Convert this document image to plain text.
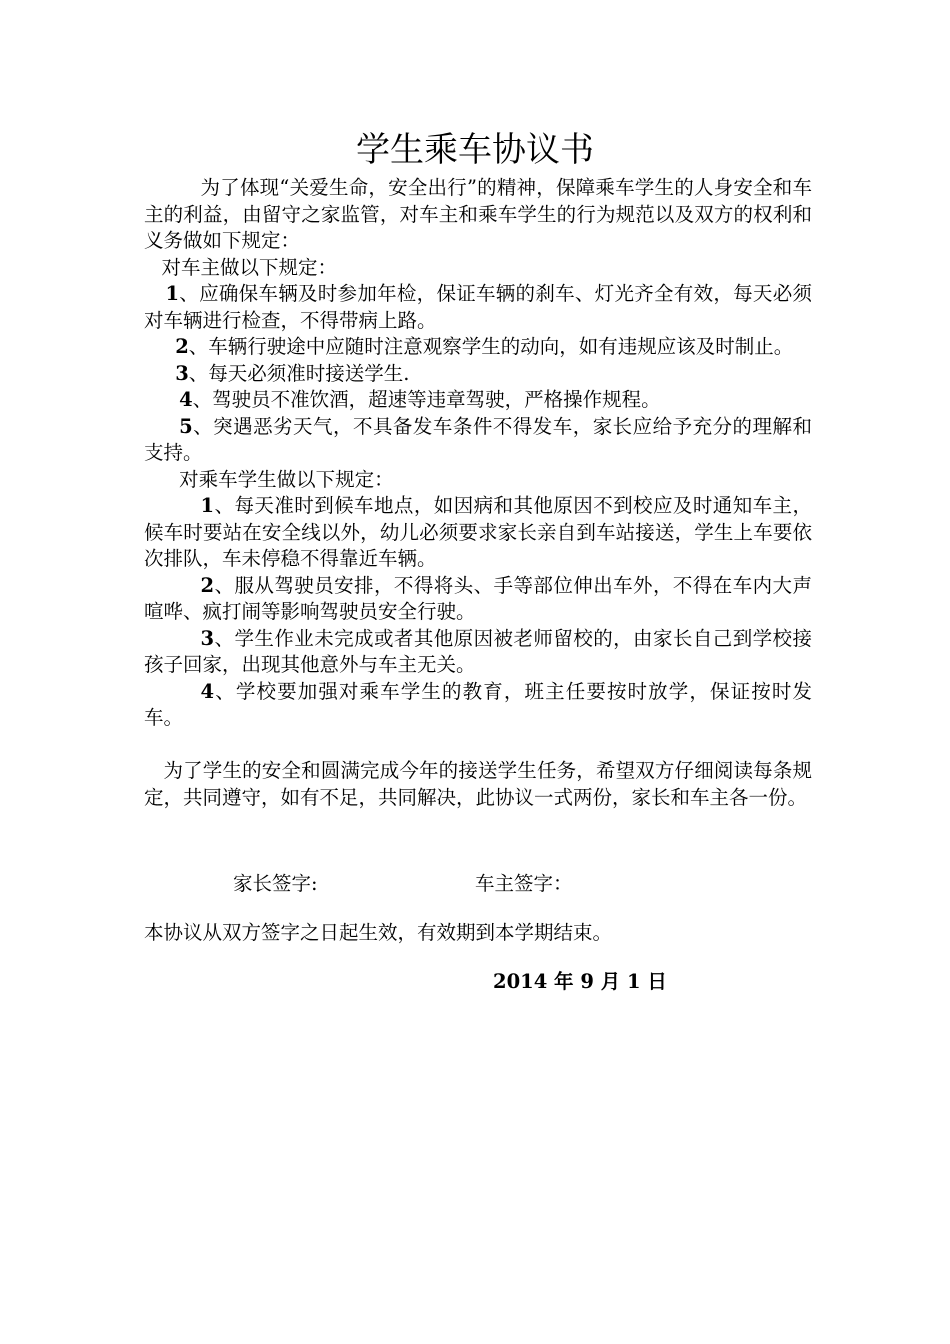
学生乘车协议书

为了体现“关爱生命，安全出行”的精神，保障乘车学生的人身安全和车主的利益，由留守之家监管，对车主和乘车学生的行为规范以及双方的权利和义务做如下规定：

对车主做以下规定：

1、应确保车辆及时参加年检，保证车辆的刹车、灯光齐全有效，每天必须对车辆进行检查，不得带病上路。

2、车辆行驶途中应随时注意观察学生的动向，如有违规应该及时制止。

3、每天必须准时接送学生.

4、驾驶员不准饮酒，超速等违章驾驶，严格操作规程。

5、突遇恶劣天气，不具备发车条件不得发车，家长应给予充分的理解和支持。

对乘车学生做以下规定：

1、每天准时到候车地点，如因病和其他原因不到校应及时通知车主，候车时要站在安全线以外，幼儿必须要求家长亲自到车站接送，学生上车要依次排队，车未停稳不得靠近车辆。

2、服从驾驶员安排，不得将头、手等部位伸出车外，不得在车内大声喧哗、疯打闹等影响驾驶员安全行驶。

3、学生作业未完成或者其他原因被老师留校的，由家长自己到学校接孩子回家，出现其他意外与车主无关。

4、学校要加强对乘车学生的教育，班主任要按时放学，保证按时发车。

为了学生的安全和圆满完成今年的接送学生任务，希望双方仔细阅读每条规定，共同遵守，如有不足，共同解决，此协议一式两份，家长和车主各一份。

家长签字:	车主签字：
本协议从双方签字之日起生效，有效期到本学期结束。
2014 年 9 月 1 日
